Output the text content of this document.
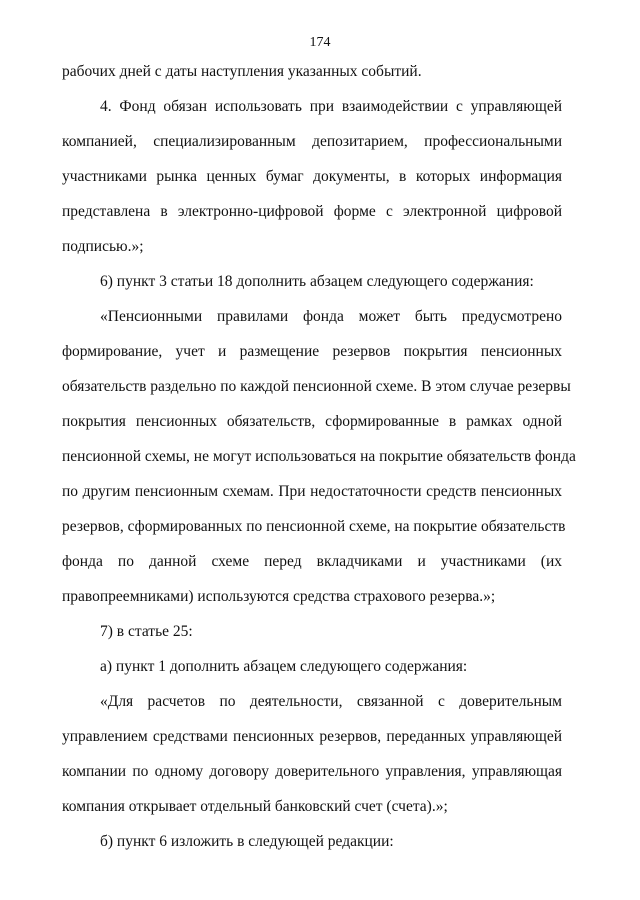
174
рабочих дней с даты наступления указанных событий.
4. Фонд обязан использовать при взаимодействии с управляющей
компанией, специализированным депозитарием, профессиональными
участниками рынка ценных бумаг документы, в которых информация
представлена в электронно-цифровой форме с электронной цифровой
подписью.»;
6) пункт 3 статьи 18 дополнить абзацем следующего содержания:
«Пенсионными правилами фонда может быть предусмотрено
формирование, учет и размещение резервов покрытия пенсионных
обязательств раздельно по каждой пенсионной схеме. В этом случае резервы
покрытия пенсионных обязательств, сформированные в рамках одной
пенсионной схемы, не могут использоваться на покрытие обязательств фонда
по другим пенсионным схемам. При недостаточности средств пенсионных
резервов, сформированных по пенсионной схеме, на покрытие обязательств
фонда по данной схеме перед вкладчиками и участниками (их
правопреемниками) используются средства страхового резерва.»;
7) в статье 25:
а) пункт 1 дополнить абзацем следующего содержания:
«Для расчетов по деятельности, связанной с доверительным
управлением средствами пенсионных резервов, переданных управляющей
компании по одному договору доверительного управления, управляющая
компания открывает отдельный банковский счет (счета).»;
б) пункт 6 изложить в следующей редакции:
